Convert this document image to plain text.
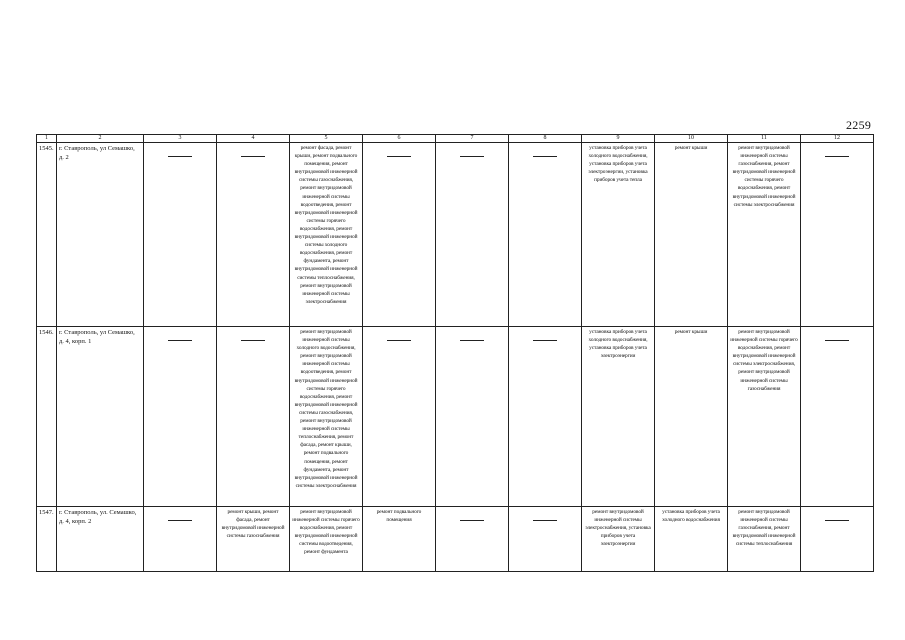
2259
1	2	3	4	5	6	7	8	9	10	11	12
1545.	г. Ставрополь, ул Семашко, д. 2			ремонт фасада, ремонт крыши, ремонт подвального помещения, ремонт внутридомовой инженерной системы газоснабжения, ремонт внутридомовой инженерной системы водоотведения, ремонт внутридомовой инженерной системы горячего водоснабжения, ремонт внутридомовой инженерной системы холодного водоснабжения, ремонт фундамента, ремонт внутридомовой инженерной системы теплоснабжения, ремонт внутридомовой инженерной системы электроснабжения				установка приборов учета холодного водоснабжения, установка приборов учета электроэнергии, установка приборов учета тепла	ремонт крыши	ремонт внутридомовой инженерной системы газоснабжения, ремонт внутридомовой инженерной системы горячего водоснабжения, ремонт внутридомовой инженерной системы электроснабжения	
1546.	г. Ставрополь, ул Семашко, д. 4, корп. 1			ремонт внутридомовой инженерной системы холодного водоснабжения, ремонт внутридомовой инженерной системы водоотведения, ремонт внутридомовой инженерной системы горячего водоснабжения, ремонт внутридомовой инженерной системы газоснабжения, ремонт внутридомовой инженерной системы теплоснабжения, ремонт фасада, ремонт крыши, ремонт подвального помещения, ремонт фундамента, ремонт внутридомовой инженерной системы электроснабжения				установка приборов учета холодного водоснабжения, установка приборов учета электроэнергии	ремонт крыши	ремонт внутридомовой инженерной системы горячего водоснабжения, ремонт внутридомовой инженерной системы электроснабжения, ремонт внутридомовой инженерной системы газоснабжения	
1547.	г. Ставрополь, ул. Семашко, д. 4, корп. 2		ремонт крыши, ремонт фасада, ремонт внутридомовой инженерной системы газоснабжения	ремонт внутридомовой инженерной системы горячего водоснабжения, ремонт внутридомовой инженерной системы водоотведения, ремонт фундамента	ремонт подвального помещения			ремонт внутридомовой инженерной системы электроснабжения, установка приборов учета электроэнергии	установка приборов учета холодного водоснабжения	ремонт внутридомовой инженерной системы газоснабжения, ремонт внутридомовой инженерной системы теплоснабжения	
